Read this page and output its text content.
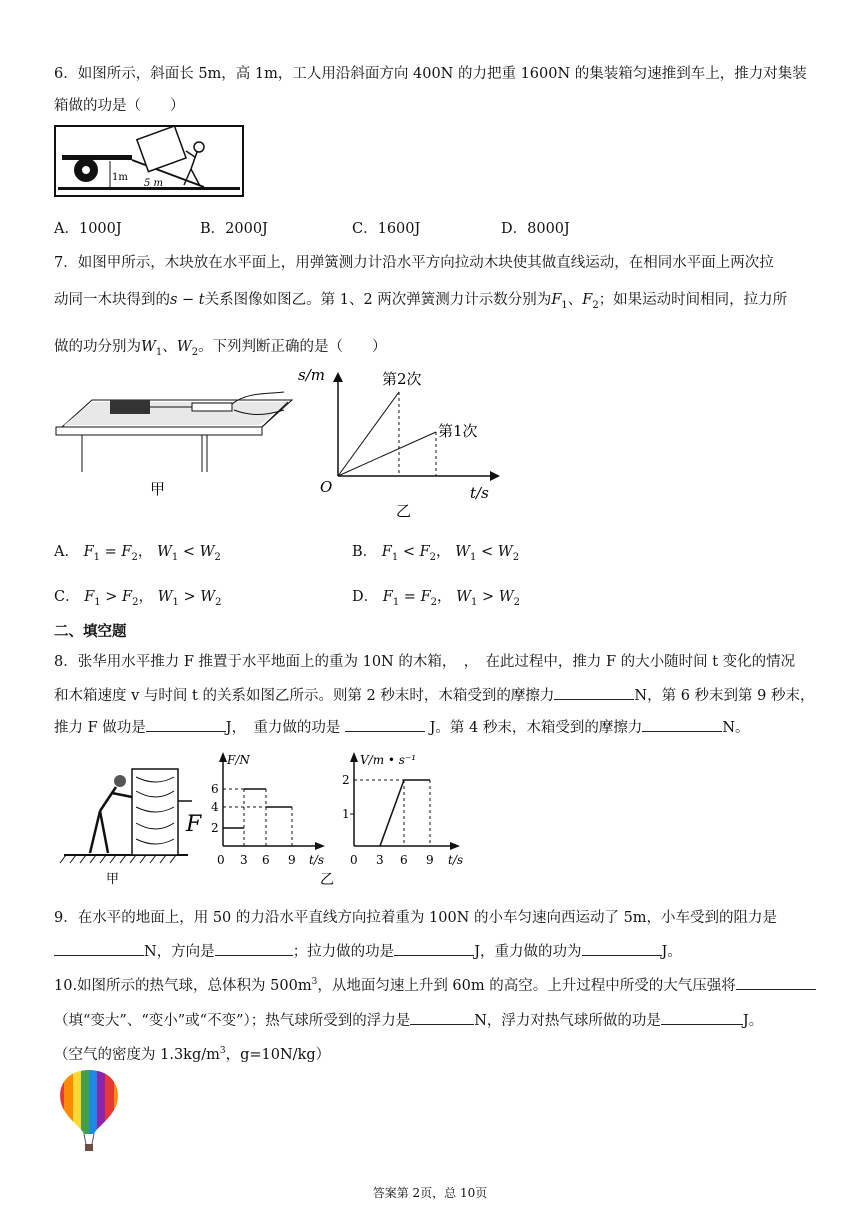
6．如图所示，斜面长 5m，高 1m，工人用沿斜面方向 400N 的力把重 1600N 的集装箱匀速推到车上，推力对集装
箱做的功是（　　）
1m
5 m
A．1000J	B．2000J	C．1600J	D．8000J
7．如图甲所示，木块放在水平面上，用弹簧测力计沿水平方向拉动木块使其做直线运动，在相同水平面上两次拉
动同一木块得到的s − t关系图像如图乙。第 1、2 两次弹簧测力计示数分别为$F_1$、$F_2$；如果运动时间相同，拉力所
做的功分别为$W_1$、$W_2$。下列判断正确的是（　　）
甲
s/m
t/s
O
第2次
第1次
乙
A． $F_1 = F_2$， $W_1 < W_2$	B． $F_1 < F_2$， $W_1 < W_2$
C． $F_1 > F_2$， $W_1 > W_2$	D． $F_1 = F_2$， $W_1 > W_2$
二、填空题
8．张华用水平推力 F 推置于水平地面上的重为 10N 的木箱，　，　在此过程中，推力 F 的大小随时间 t 变化的情况
和木箱速度 v 与时间 t 的关系如图乙所示。则第 2 秒末时，木箱受到的摩擦力	N，第 6 秒末到第 9 秒末，
推力 F 做功是	J，　重力做的功是	J。第 4 秒末，木箱受到的摩擦力	N。
F
甲
F/N
6
4
2
0 3 6 9 t/s
V/m • s⁻¹
2
1
0 3 6 9 t/s
乙
9．在水平的地面上，用 50 的力沿水平直线方向拉着重为 100N 的小车匀速向西运动了 5m，小车受到的阻力是
N，方向是	；拉力做的功是	J，重力做的功为	J。
10.如图所示的热气球，总体积为 $500m^3$，从地面匀速上升到 60m 的高空。上升过程中所受的大气压强将
（填“变大”、“变小”或“不变”）；热气球所受到的浮力是	N，浮力对热气球所做的功是	J。
（空气的密度为 $1.3kg/m^3$，g=10N/kg）
答案第 2页，总 10页
